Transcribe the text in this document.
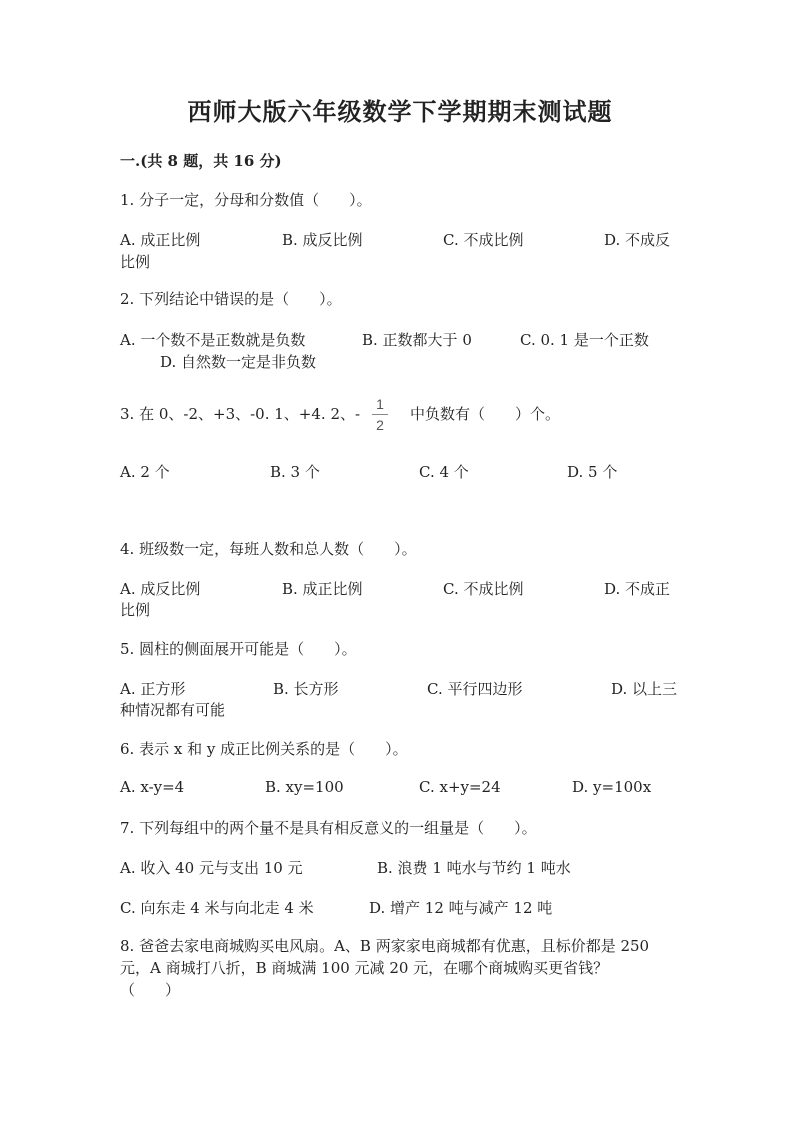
西师大版六年级数学下学期期末测试题
一.(共 8 题，共 16 分)
1. 分子一定，分母和分数值（　　）。
A. 成正比例	B. 成反比例	C. 不成比例	D. 不成反
比例
2. 下列结论中错误的是（　　）。
A. 一个数不是正数就是负数	B. 正数都大于 0	C. 0. 1 是一个正数
D. 自然数一定是非负数
3. 在 0、-2、+3、-0. 1、+4. 2、-
1
2
中负数有（　　）个。
A. 2 个	B. 3 个	C. 4 个	D. 5 个
4. 班级数一定，每班人数和总人数（　　）。
A. 成反比例	B. 成正比例	C. 不成比例	D. 不成正
比例
5. 圆柱的侧面展开可能是（　　）。
A. 正方形	B. 长方形	C. 平行四边形	D. 以上三
种情况都有可能
6. 表示 x 和 y 成正比例关系的是（　　）。
A. x-y=4	B. xy=100	C. x+y=24	D. y=100x
7. 下列每组中的两个量不是具有相反意义的一组量是（　　）。
A. 收入 40 元与支出 10 元	B. 浪费 1 吨水与节约 1 吨水
C. 向东走 4 米与向北走 4 米	D. 增产 12 吨与减产 12 吨
8. 爸爸去家电商城购买电风扇。A、B 两家家电商城都有优惠，且标价都是 250
元，A 商城打八折，B 商城满 100 元减 20 元，在哪个商城购买更省钱？
（　　）
